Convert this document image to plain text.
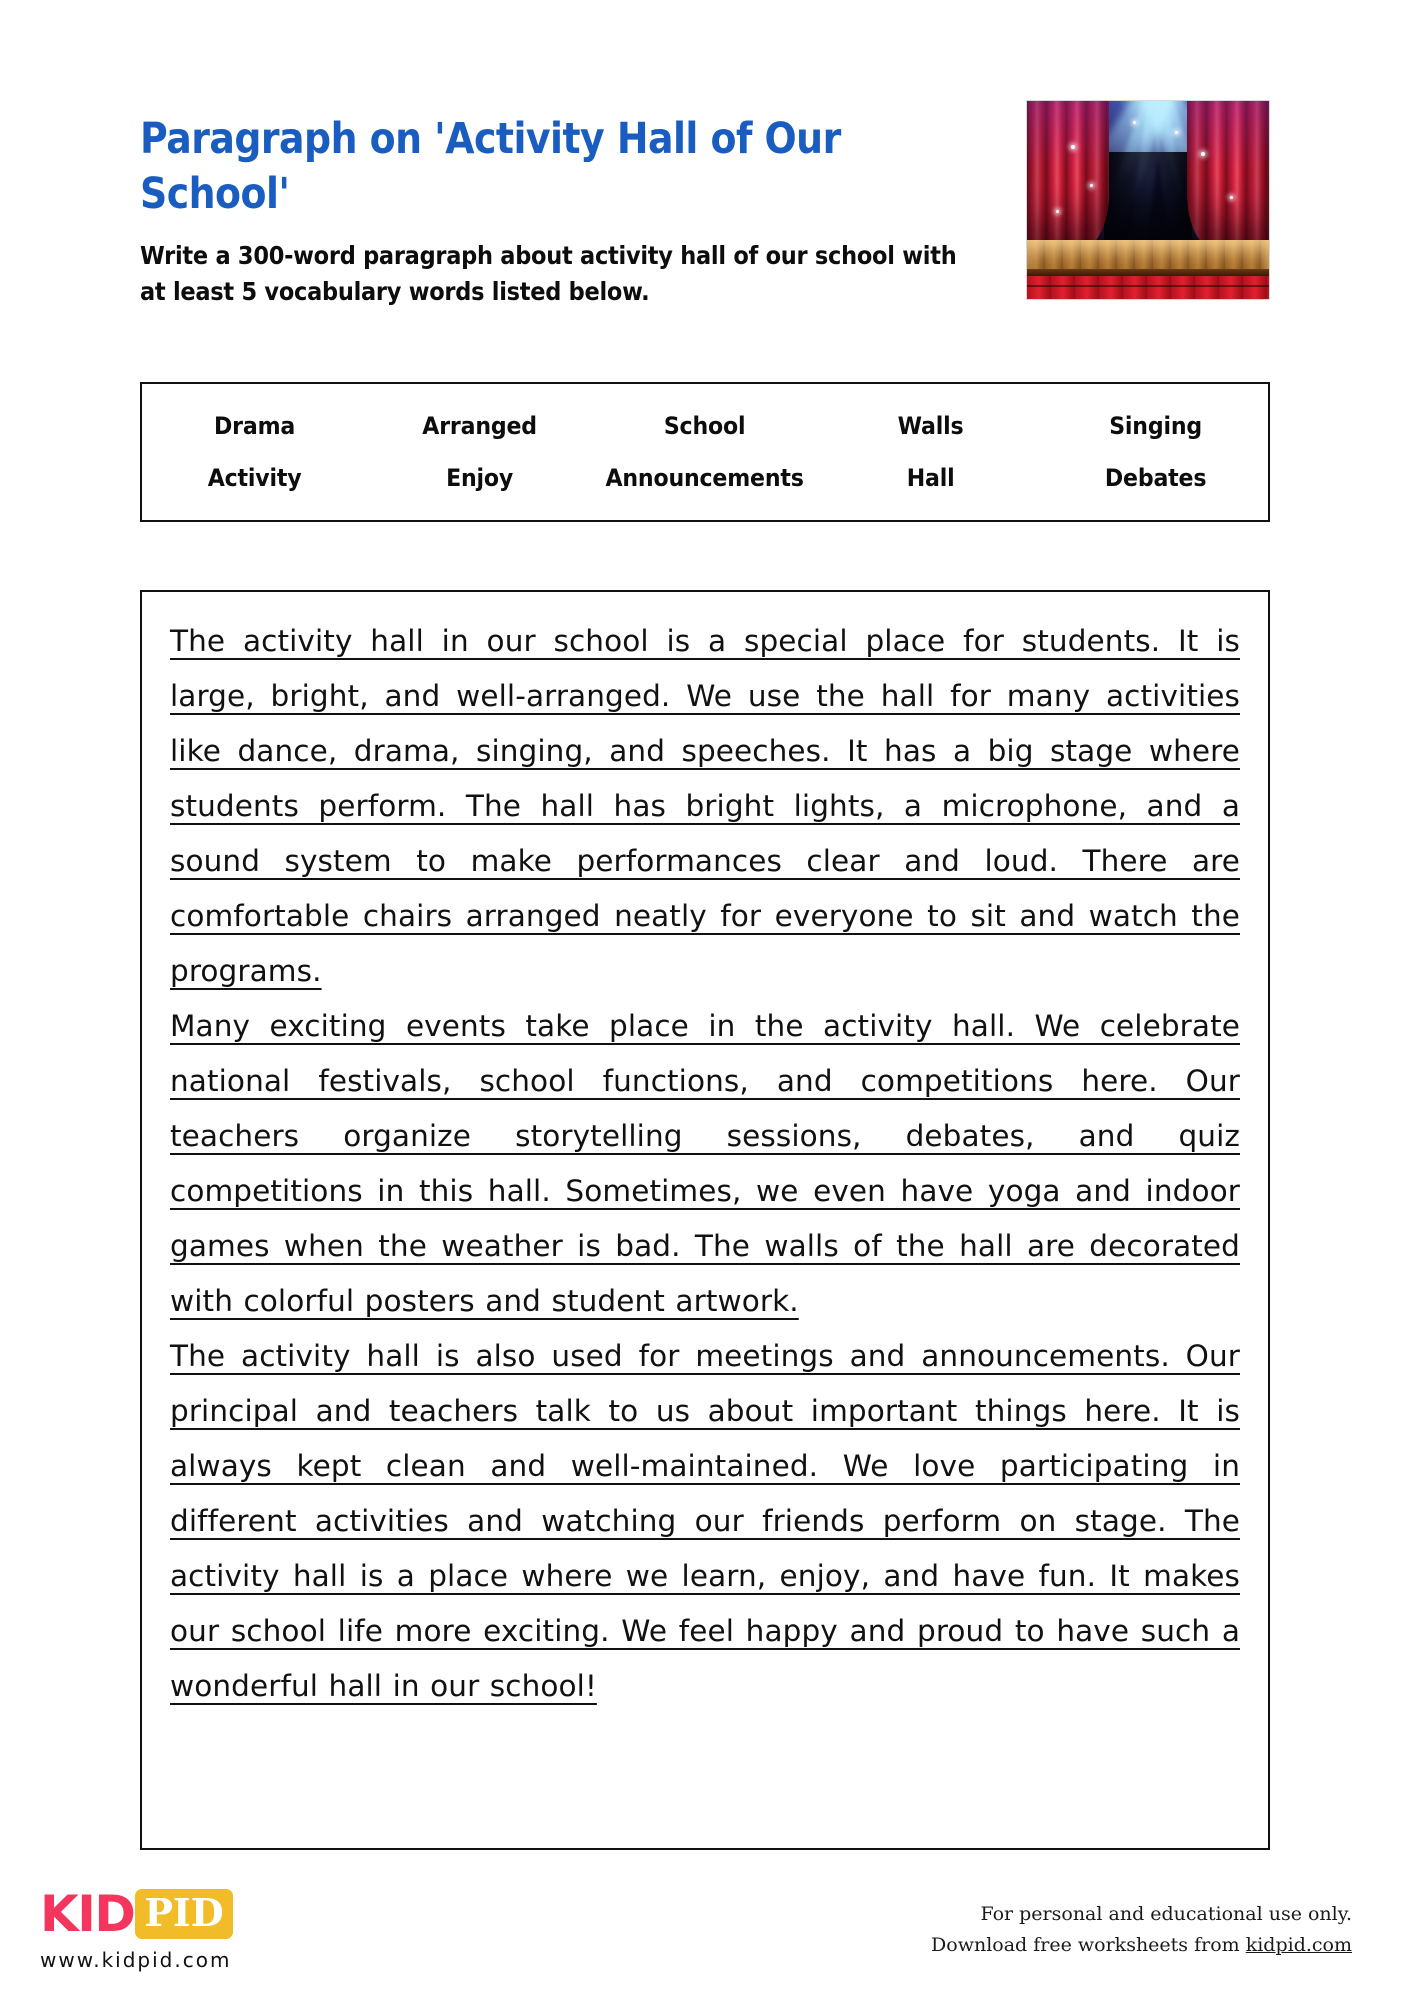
Paragraph on 'Activity Hall of Our School'
Write a 300-word paragraph about activity hall of our school with at least 5 vocabulary words listed below.
Drama	Arranged	School	Walls	Singing
Activity	Enjoy	Announcements	Hall	Debates

The activity hall in our school is a special place for students. It is large, bright, and well-arranged. We use the hall for many activities like dance, drama, singing, and speeches. It has a big stage where students perform. The hall has bright lights, a microphone, and a sound system to make performances clear and loud. There are comfortable chairs arranged neatly for everyone to sit and watch the programs.

Many exciting events take place in the activity hall. We celebrate national festivals, school functions, and competitions here. Our teachers organize storytelling sessions, debates, and quiz competitions in this hall. Sometimes, we even have yoga and indoor games when the weather is bad. The walls of the hall are decorated with colorful posters and student artwork.

The activity hall is also used for meetings and announcements. Our principal and teachers talk to us about important things here. It is always kept clean and well-maintained. We love participating in different activities and watching our friends perform on stage. The activity hall is a place where we learn, enjoy, and have fun. It makes our school life more exciting. We feel happy and proud to have such a wonderful hall in our school!

KID PID
www.kidpid.com
For personal and educational use only.
Download free worksheets from kidpid.com
